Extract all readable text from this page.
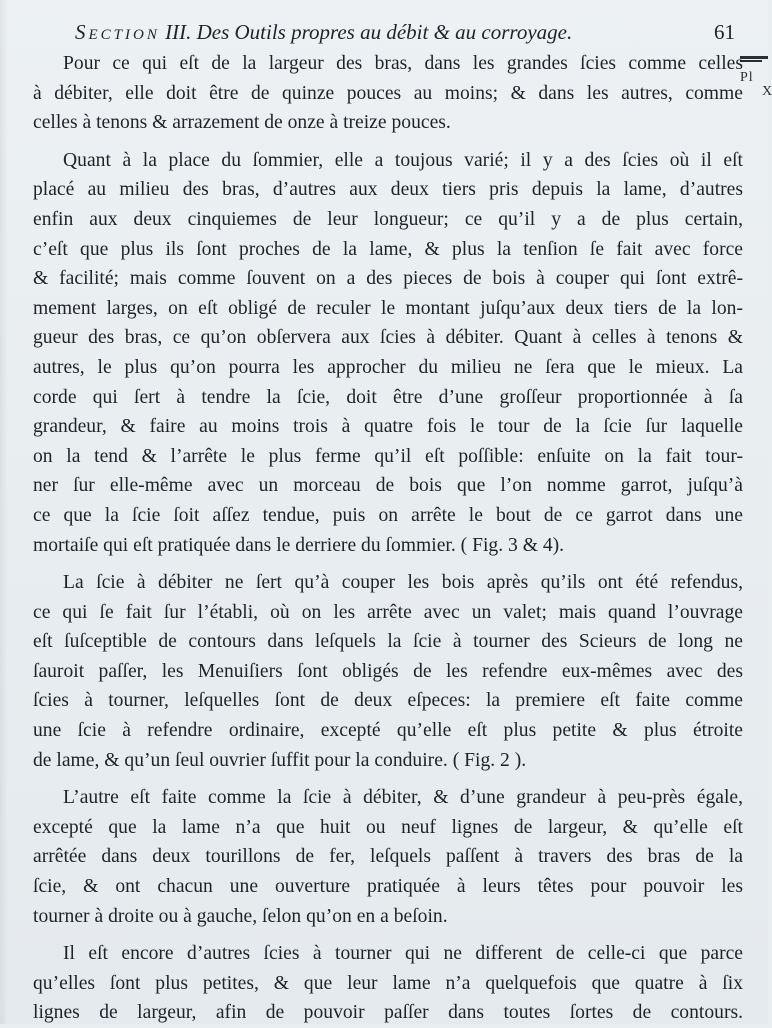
Section III. Des Outils propres au débit & au corroyage.	61
Pl
X
Pour ce qui eſt de la largeur des bras, dans les grandes ſcies comme celles
à débiter, elle doit être de quinze pouces au moins; & dans les autres, comme
celles à tenons & arrazement de onze à treize pouces.
Quant à la place du ſommier, elle a toujous varié; il y a des ſcies où il eſt
placé au milieu des bras, d’autres aux deux tiers pris depuis la lame, d’autres
enfin aux deux cinquiemes de leur longueur; ce qu’il y a de plus certain,
c’eſt que plus ils ſont proches de la lame, & plus la tenſion ſe fait avec force
& facilité; mais comme ſouvent on a des pieces de bois à couper qui ſont extrê-
mement larges, on eſt obligé de reculer le montant juſqu’aux deux tiers de la lon-
gueur des bras, ce qu’on obſervera aux ſcies à débiter. Quant à celles à tenons &
autres, le plus qu’on pourra les approcher du milieu ne ſera que le mieux. La
corde qui ſert à tendre la ſcie, doit être d’une groſſeur proportionnée à ſa
grandeur, & faire au moins trois à quatre fois le tour de la ſcie ſur laquelle
on la tend & l’arrête le plus ferme qu’il eſt poſſible: enſuite on la fait tour-
ner ſur elle-même avec un morceau de bois que l’on nomme garrot, juſqu’à
ce que la ſcie ſoit aſſez tendue, puis on arrête le bout de ce garrot dans une
mortaiſe qui eſt pratiquée dans le derriere du ſommier. ( Fig. 3 & 4).
La ſcie à débiter ne ſert qu’à couper les bois après qu’ils ont été refendus,
ce qui ſe fait ſur l’établi, où on les arrête avec un valet; mais quand l’ouvrage
eſt ſuſceptible de contours dans leſquels la ſcie à tourner des Scieurs de long ne
ſauroit paſſer, les Menuiſiers ſont obligés de les refendre eux-mêmes avec des
ſcies à tourner, leſquelles ſont de deux eſpeces: la premiere eſt faite comme
une ſcie à refendre ordinaire, excepté qu’elle eſt plus petite & plus étroite
de lame, & qu’un ſeul ouvrier ſuffit pour la conduire. ( Fig. 2 ).
L’autre eſt faite comme la ſcie à débiter, & d’une grandeur à peu-près égale,
excepté que la lame n’a que huit ou neuf lignes de largeur, & qu’elle eſt
arrêtée dans deux tourillons de fer, leſquels paſſent à travers des bras de la
ſcie, & ont chacun une ouverture pratiquée à leurs têtes pour pouvoir les
tourner à droite ou à gauche, ſelon qu’on en a beſoin.
Il eſt encore d’autres ſcies à tourner qui ne different de celle-ci que parce
qu’elles ſont plus petites, & que leur lame n’a quelquefois que quatre à ſix
lignes de largeur, afin de pouvoir paſſer dans toutes ſortes de contours.
